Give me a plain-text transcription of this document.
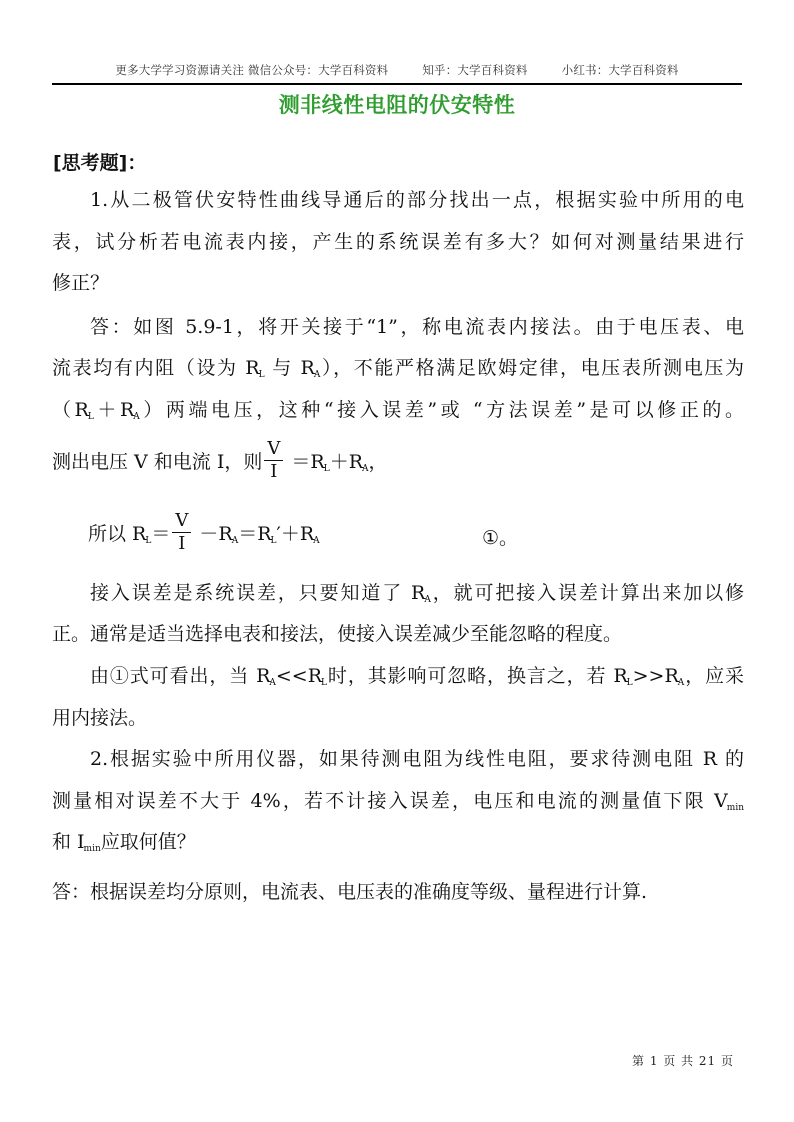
更多大学学习资源请关注 微信公众号：大学百科资料	知乎：大学百科资料	小红书：大学百科资料
测非线性电阻的伏安特性
[思考题]：
1.从二极管伏安特性曲线导通后的部分找出一点，根据实验中所用的电
表，试分析若电流表内接，产生的系统误差有多大？如何对测量结果进行
修正？
答：如图 5.9-1，将开关接于“1”，称电流表内接法。由于电压表、电
流表均有内阻（设为 $R_L$ 与 $R_A$），不能严格满足欧姆定律，电压表所测电压为
$(R_L+R_A)$两端电压，这种“接入误差”或 “方法误差”是可以修正的。
测出电压 V 和电流 I，则 $\frac{V}{I} =R_L+R_A$，
所以 $R_L= \frac{V}{I} -R_A=R_L'+R_A$	①。
接入误差是系统误差，只要知道了 $R_A$，就可把接入误差计算出来加以修
正。通常是适当选择电表和接法，使接入误差减少至能忽略的程度。
由①式可看出，当 $R_A<<R_L$时，其影响可忽略，换言之，若 $R_L>>R_A$，应采
用内接法。
2.根据实验中所用仪器，如果待测电阻为线性电阻，要求待测电阻 R 的
测量相对误差不大于 4%，若不计接入误差，电压和电流的测量值下限 $V_{min}$
和 $I_{min}$应取何值？
答：根据误差均分原则，电流表、电压表的准确度等级、量程进行计算.
第 1 页 共 21 页
